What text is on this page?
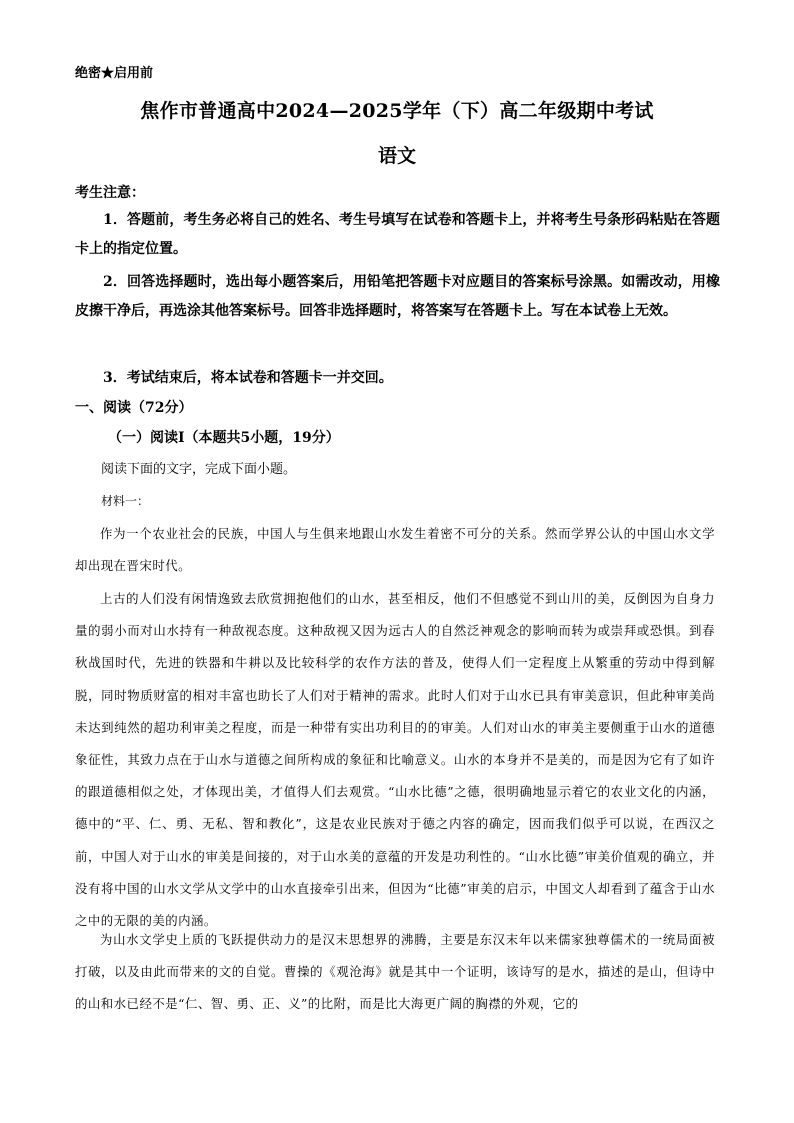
绝密★启用前
焦作市普通高中2024—2025学年（下）高二年级期中考试
语文
考生注意：
1．答题前，考生务必将自己的姓名、考生号填写在试卷和答题卡上，并将考生号条形码粘贴在答题卡上的指定位置。
2．回答选择题时，选出每小题答案后，用铅笔把答题卡对应题目的答案标号涂黑。如需改动，用橡皮擦干净后，再选涂其他答案标号。回答非选择题时，将答案写在答题卡上。写在本试卷上无效。
3．考试结束后，将本试卷和答题卡一并交回。
一、阅读（72分）
（一）阅读Ⅰ（本题共5小题，19分）
阅读下面的文字，完成下面小题。
材料一：
作为一个农业社会的民族，中国人与生俱来地跟山水发生着密不可分的关系。然而学界公认的中国山水文学却出现在晋宋时代。
上古的人们没有闲情逸致去欣赏拥抱他们的山水，甚至相反，他们不但感觉不到山川的美，反倒因为自身力量的弱小而对山水持有一种敌视态度。这种敌视又因为远古人的自然泛神观念的影响而转为或崇拜或恐惧。到春秋战国时代，先进的铁器和牛耕以及比较科学的农作方法的普及，使得人们一定程度上从繁重的劳动中得到解脱，同时物质财富的相对丰富也助长了人们对于精神的需求。此时人们对于山水已具有审美意识，但此种审美尚未达到纯然的超功利审美之程度，而是一种带有实出功利目的的审美。人们对山水的审美主要侧重于山水的道德象征性，其致力点在于山水与道德之间所构成的象征和比喻意义。山水的本身并不是美的，而是因为它有了如许的跟道德相似之处，才体现出美，才值得人们去观赏。“山水比德”之德，很明确地显示着它的农业文化的内涵，德中的“平、仁、勇、无私、智和教化”，这是农业民族对于德之内容的确定，因而我们似乎可以说，在西汉之前，中国人对于山水的审美是间接的，对于山水美的意蕴的开发是功利性的。“山水比德”审美价值观的确立，并没有将中国的山水文学从文学中的山水直接牵引出来，但因为“比德”审美的启示，中国文人却看到了蕴含于山水之中的无限的美的内涵。
为山水文学史上质的飞跃提供动力的是汉末思想界的沸腾，主要是东汉末年以来儒家独尊儒术的一统局面被打破，以及由此而带来的文的自觉。曹操的《观沧海》就是其中一个证明，该诗写的是水，描述的是山，但诗中的山和水已经不是“仁、智、勇、正、义”的比附，而是比大海更广阔的胸襟的外观，它的
